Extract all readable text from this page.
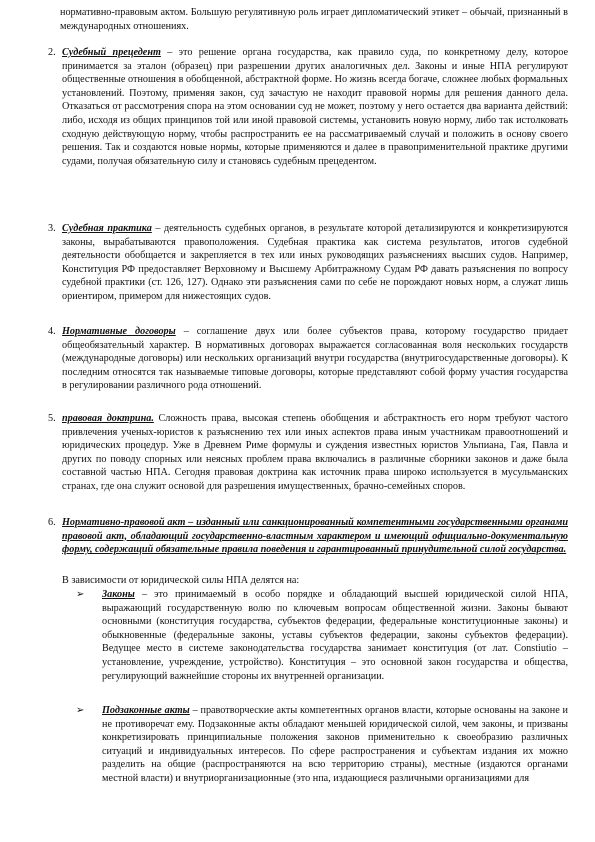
нормативно-правовым актом. Большую регулятивную роль играет дипломатический этикет – обычай, признанный в международных отношениях.
2. Судебный прецедент – это решение органа государства, как правило суда, по конкретному делу, которое принимается за эталон (образец) при разрешении других аналогичных дел. Законы и иные НПА регулируют общественные отношения в обобщенной, абстрактной форме. Но жизнь всегда богаче, сложнее любых формальных установлений. Поэтому, применяя закон, суд зачастую не находит правовой нормы для решения данного дела. Отказаться от рассмотрения спора на этом основании суд не может, поэтому у него остается два варианта действий: либо, исходя из общих принципов той или иной правовой системы, установить новую норму, либо так истолковать сходную действующую норму, чтобы распространить ее на рассматриваемый случай и положить в основу своего решения. Так и создаются новые нормы, которые применяются и далее в правоприменительной практике другими судами, получая обязательную силу и становясь судебным прецедентом.
3. Судебная практика – деятельность судебных органов, в результате которой детализируются и конкретизируются законы, вырабатываются правоположения. Судебная практика как система результатов, итогов судебной деятельности обобщается и закрепляется в тех или иных руководящих разъяснениях высших судов. Например, Конституция РФ предоставляет Верховному и Высшему Арбитражному Судам РФ давать разъяснения по вопросу судебной практики (ст. 126, 127). Однако эти разъяснения сами по себе не порождают новых норм, а служат лишь ориентиром, примером для нижестоящих судов.
4. Нормативные договоры – соглашение двух или более субъектов права, которому государство придает общеобязательный характер. В нормативных договорах выражается согласованная воля нескольких государств (международные договоры) или нескольких организаций внутри государства (внутригосударственные договоры). К последним относятся так называемые типовые договоры, которые представляют собой форму участия государства в регулировании различного рода отношений.
5. правовая доктрина. Сложность права, высокая степень обобщения и абстрактность его норм требуют частого привлечения ученых-юристов к разъяснению тех или иных аспектов права иным участникам правоотношений и юридических процедур. Уже в Древнем Риме формулы и суждения известных юристов Ульпиана, Гая, Павла и других по поводу спорных или неясных проблем права включались в различные сборники законов и даже была составной частью НПА. Сегодня правовая доктрина как источник права широко используется в мусульманских странах, где она служит основой для разрешения имущественных, брачно-семейных споров.
6. Нормативно-правовой акт – изданный или санкционированный компетентными государственными органами правовой акт, обладающий государственно-властным характером и имеющий официально-документальную форму, содержащий обязательные правила поведения и гарантированный принудительной силой государства.
В зависимости от юридической силы НПА делятся на:
➢	Законы – это принимаемый в особо порядке и обладающий высшей юридической силой НПА, выражающий государственную волю по ключевым вопросам общественной жизни. Законы бывают основными (конституция государства, субъектов федерации, федеральные конституционные законы) и обыкновенные (федеральные законы, уставы субъектов федерации, законы субъектов федерации). Ведущее место в системе законодательства государства занимает конституция (от лат. Constiutio –установление, учреждение, устройство). Конституция – это основной закон государства и общества, регулирующий важнейшие стороны их внутренней организации.
➢	Подзаконные акты – правотворческие акты компетентных органов власти, которые основаны на законе и не противоречат ему. Подзаконные акты обладают меньшей юридической силой, чем законы, и призваны конкретизировать принципиальные положения законов применительно к своеобразию различных ситуаций и индивидуальных интересов. По сфере распространения и субъектам издания их можно разделить на общие (распространяются на всю территорию страны), местные (издаются органами местной власти) и внутриорганизационные (это нпа, издающиеся различными организациями для
